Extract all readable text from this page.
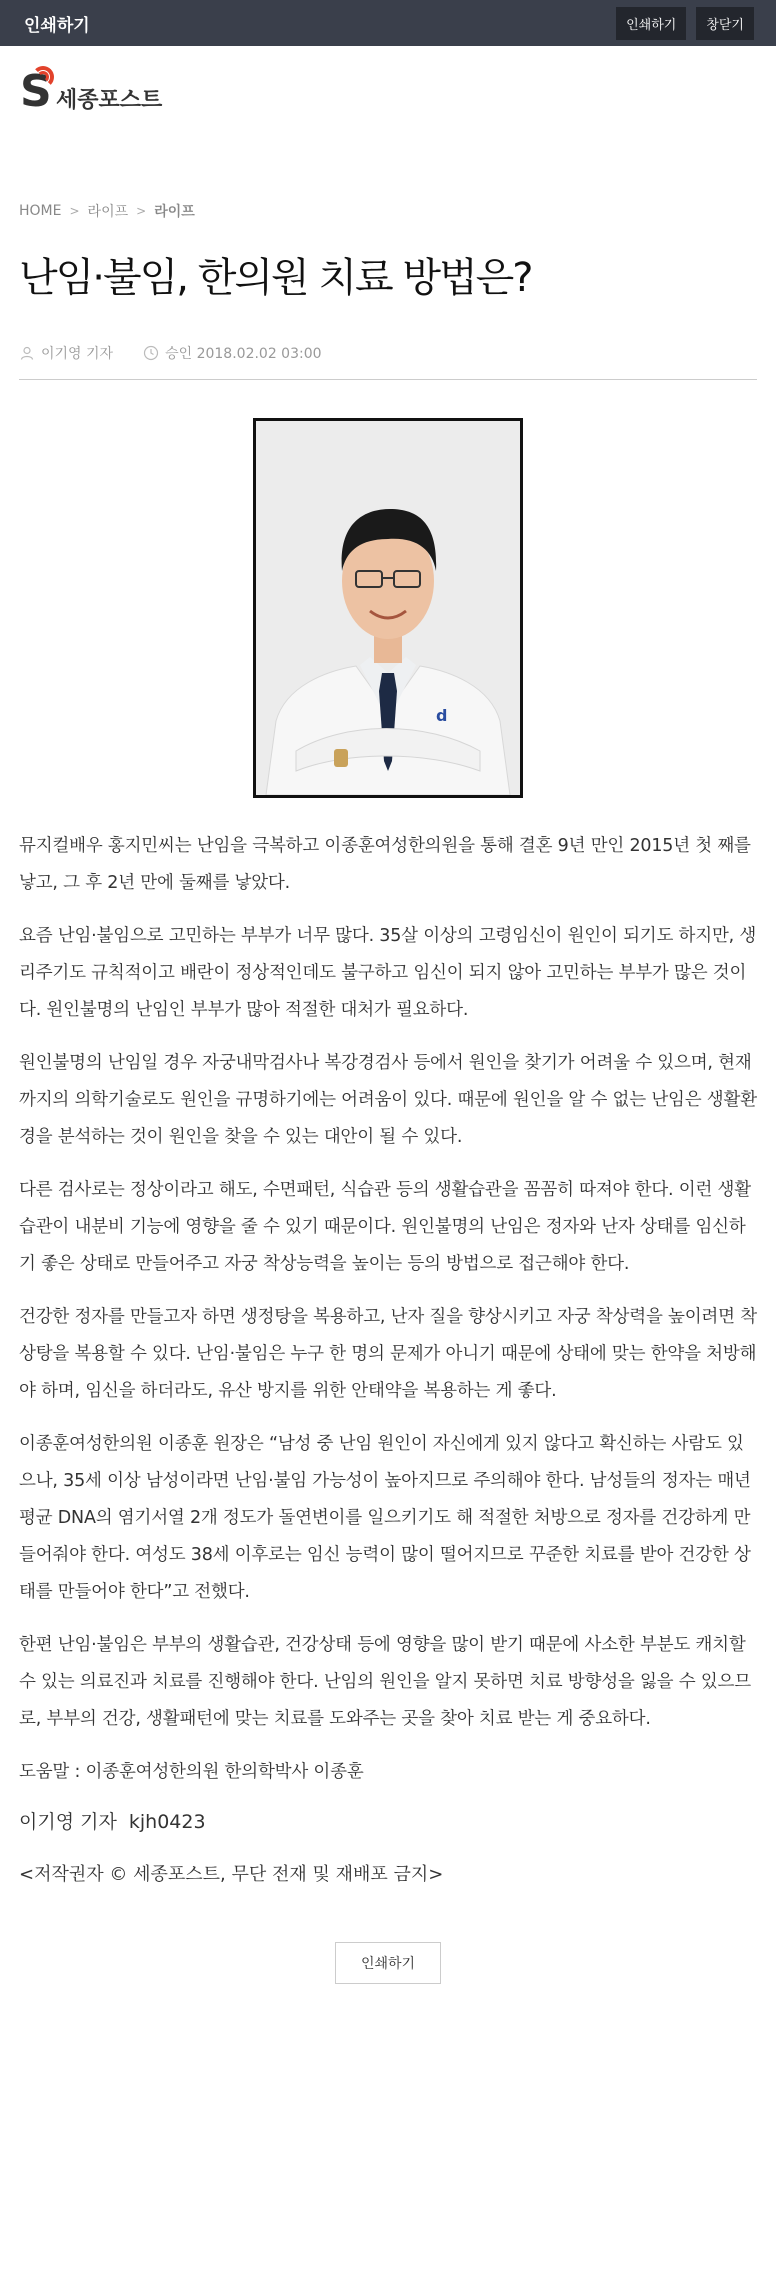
인쇄하기	인쇄하기	창닫기
S 세종포스트
HOME > 라이프 > 라이프
난임·불임, 한의원 치료 방법은?
이기영 기자	승인 2018.02.02 03:00
d

뮤지컬배우 홍지민씨는 난임을 극복하고 이종훈여성한의원을 통해 결혼 9년 만인 2015년 첫 째를 낳고, 그 후 2년 만에 둘째를 낳았다.

요즘 난임·불임으로 고민하는 부부가 너무 많다. 35살 이상의 고령임신이 원인이 되기도 하지만, 생리주기도 규칙적이고 배란이 정상적인데도 불구하고 임신이 되지 않아 고민하는 부부가 많은 것이다. 원인불명의 난임인 부부가 많아 적절한 대처가 필요하다.

원인불명의 난임일 경우 자궁내막검사나 복강경검사 등에서 원인을 찾기가 어려울 수 있으며, 현재까지의 의학기술로도 원인을 규명하기에는 어려움이 있다. 때문에 원인을 알 수 없는 난임은 생활환경을 분석하는 것이 원인을 찾을 수 있는 대안이 될 수 있다.

다른 검사로는 정상이라고 해도, 수면패턴, 식습관 등의 생활습관을 꼼꼼히 따져야 한다. 이런 생활 습관이 내분비 기능에 영향을 줄 수 있기 때문이다. 원인불명의 난임은 정자와 난자 상태를 임신하기 좋은 상태로 만들어주고 자궁 착상능력을 높이는 등의 방법으로 접근해야 한다.

건강한 정자를 만들고자 하면 생정탕을 복용하고, 난자 질을 향상시키고 자궁 착상력을 높이려면 착상탕을 복용할 수 있다. 난임·불임은 누구 한 명의 문제가 아니기 때문에 상태에 맞는 한약을 처방해야 하며, 임신을 하더라도, 유산 방지를 위한 안태약을 복용하는 게 좋다.

이종훈여성한의원 이종훈 원장은 “남성 중 난임 원인이 자신에게 있지 않다고 확신하는 사람도 있으나, 35세 이상 남성이라면 난임·불임 가능성이 높아지므로 주의해야 한다. 남성들의 정자는 매년 평균 DNA의 염기서열 2개 정도가 돌연변이를 일으키기도 해 적절한 처방으로 정자를 건강하게 만들어줘야 한다. 여성도 38세 이후로는 임신 능력이 많이 떨어지므로 꾸준한 치료를 받아 건강한 상태를 만들어야 한다”고 전했다.

한편 난임·불임은 부부의 생활습관, 건강상태 등에 영향을 많이 받기 때문에 사소한 부분도 캐치할 수 있는 의료진과 치료를 진행해야 한다. 난임의 원인을 알지 못하면 치료 방향성을 잃을 수 있으므로, 부부의 건강, 생활패턴에 맞는 치료를 도와주는 곳을 찾아 치료 받는 게 중요하다.

도움말 : 이종훈여성한의원 한의학박사 이종훈

이기영 기자  kjh0423
<저작권자 © 세종포스트, 무단 전재 및 재배포 금지>
인쇄하기
